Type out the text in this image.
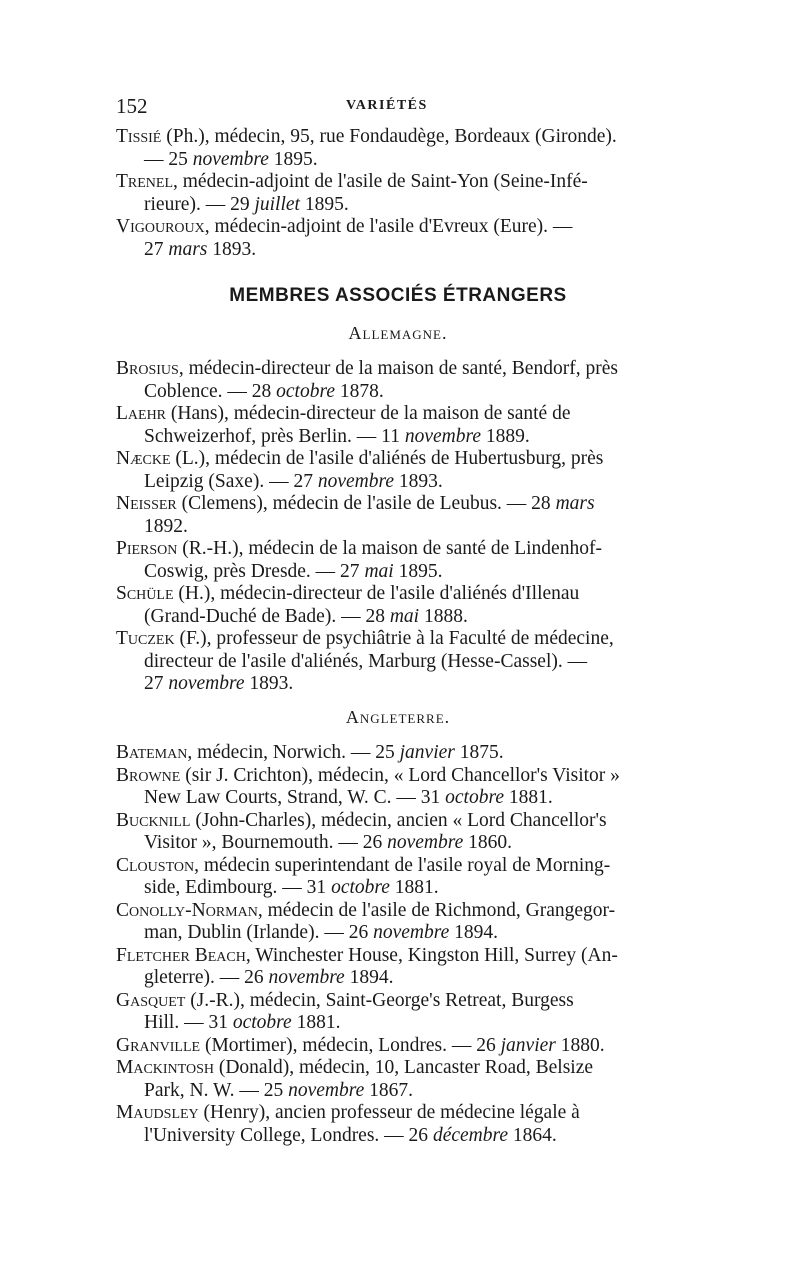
152	VARIÉTÉS
Tissié (Ph.), médecin, 95, rue Fondaudège, Bordeaux (Gironde).
— 25 novembre 1895.
Trenel, médecin-adjoint de l'asile de Saint-Yon (Seine-Infé-
rieure). — 29 juillet 1895.
Vigouroux, médecin-adjoint de l'asile d'Evreux (Eure). —
27 mars 1893.

MEMBRES ASSOCIÉS ÉTRANGERS

Allemagne.

Brosius, médecin-directeur de la maison de santé, Bendorf, près
Coblence. — 28 octobre 1878.
Laehr (Hans), médecin-directeur de la maison de santé de
Schweizerhof, près Berlin. — 11 novembre 1889.
Næcke (L.), médecin de l'asile d'aliénés de Hubertusburg, près
Leipzig (Saxe). — 27 novembre 1893.
Neisser (Clemens), médecin de l'asile de Leubus. — 28 mars
1892.
Pierson (R.-H.), médecin de la maison de santé de Lindenhof-
Coswig, près Dresde. — 27 mai 1895.
Schüle (H.), médecin-directeur de l'asile d'aliénés d'Illenau
(Grand-Duché de Bade). — 28 mai 1888.
Tuczek (F.), professeur de psychiâtrie à la Faculté de médecine,
directeur de l'asile d'aliénés, Marburg (Hesse-Cassel). —
27 novembre 1893.

Angleterre.

Bateman, médecin, Norwich. — 25 janvier 1875.
Browne (sir J. Crichton), médecin, « Lord Chancellor's Visitor »
New Law Courts, Strand, W. C. — 31 octobre 1881.
Bucknill (John-Charles), médecin, ancien « Lord Chancellor's
Visitor », Bournemouth. — 26 novembre 1860.
Clouston, médecin superintendant de l'asile royal de Morning-
side, Edimbourg. — 31 octobre 1881.
Conolly-Norman, médecin de l'asile de Richmond, Grangegor-
man, Dublin (Irlande). — 26 novembre 1894.
Fletcher Beach, Winchester House, Kingston Hill, Surrey (An-
gleterre). — 26 novembre 1894.
Gasquet (J.-R.), médecin, Saint-George's Retreat, Burgess
Hill. — 31 octobre 1881.
Granville (Mortimer), médecin, Londres. — 26 janvier 1880.
Mackintosh (Donald), médecin, 10, Lancaster Road, Belsize
Park, N. W. — 25 novembre 1867.
Maudsley (Henry), ancien professeur de médecine légale à
l'University College, Londres. — 26 décembre 1864.
